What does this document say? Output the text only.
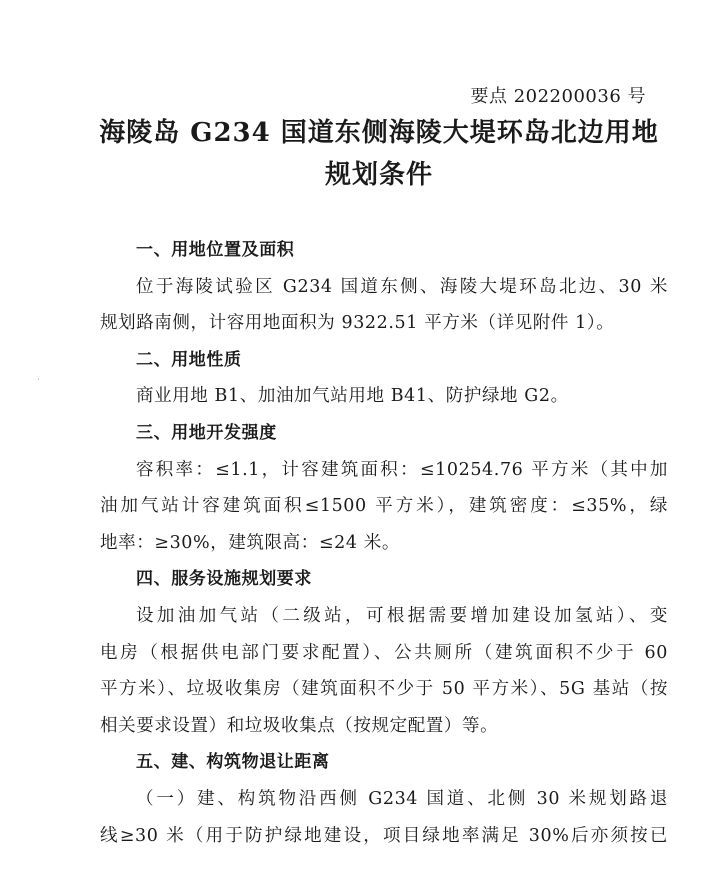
要点 202200036 号
海陵岛 G234 国道东侧海陵大堤环岛北边用地
规划条件
一、用地位置及面积
位于海陵试验区 G234 国道东侧、海陵大堤环岛北边、30 米
规划路南侧，计容用地面积为 9322.51 平方米（详见附件 1）。
二、用地性质
商业用地 B1、加油加气站用地 B41、防护绿地 G2。
三、用地开发强度
容积率：≤1.1，计容建筑面积：≤10254.76 平方米（其中加
油加气站计容建筑面积≤1500 平方米），建筑密度：≤35%，绿
地率：≥30%，建筑限高：≤24 米。
四、服务设施规划要求
设加油加气站（二级站，可根据需要增加建设加氢站）、变
电房（根据供电部门要求配置）、公共厕所（建筑面积不少于 60
平方米）、垃圾收集房（建筑面积不少于 50 平方米）、5G 基站（按
相关要求设置）和垃圾收集点（按规定配置）等。
五、建、构筑物退让距离
（一）建、构筑物沿西侧 G234 国道、北侧 30 米规划路退
线≥30 米（用于防护绿地建设，项目绿地率满足 30%后亦须按已
